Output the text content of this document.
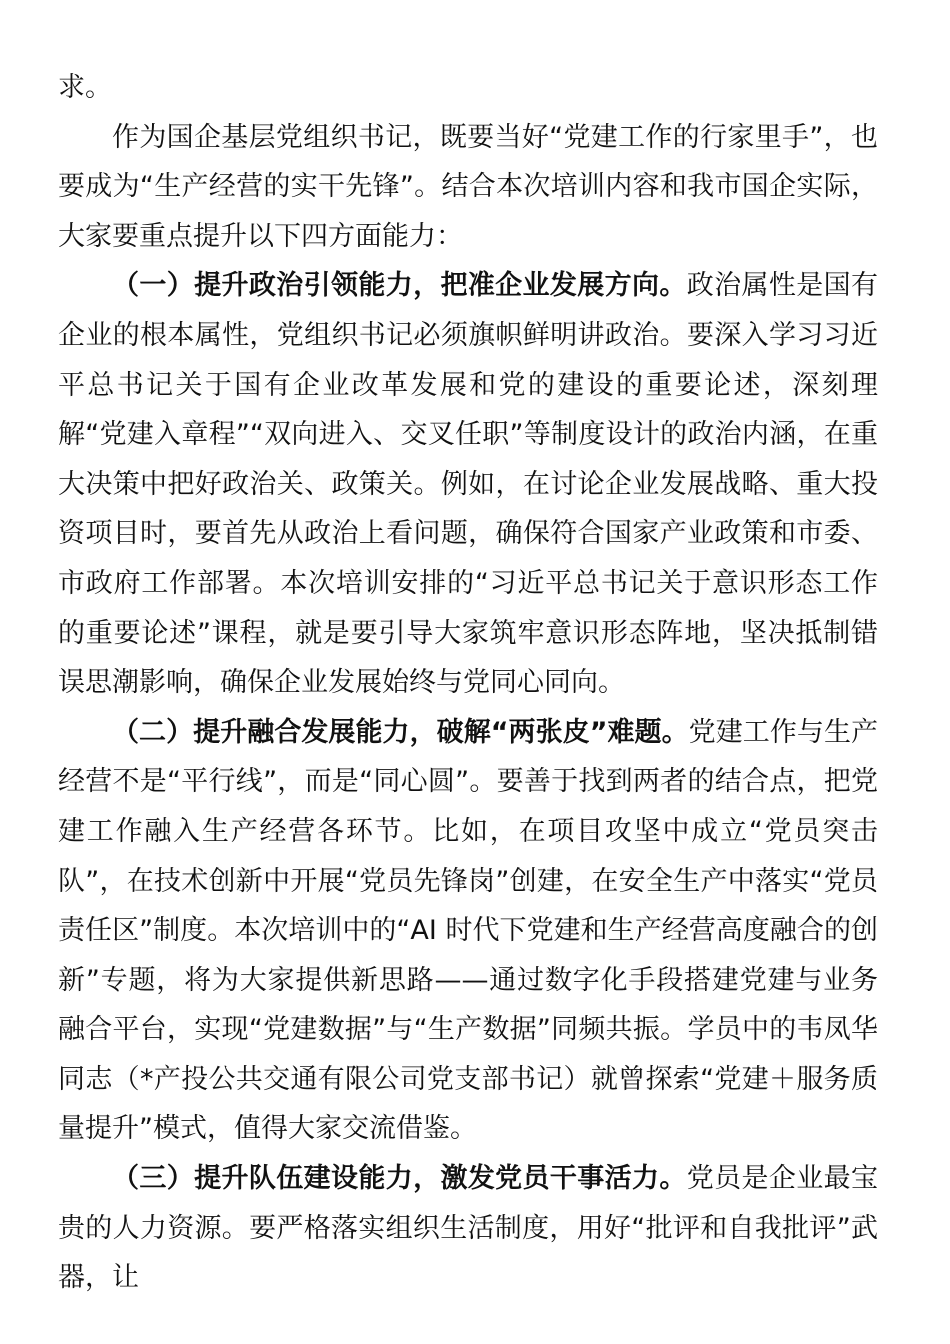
求。

作为国企基层党组织书记，既要当好“党建工作的行家里手”，也要成为“生产经营的实干先锋”。结合本次培训内容和我市国企实际，大家要重点提升以下四方面能力：

（一）提升政治引领能力，把准企业发展方向。政治属性是国有企业的根本属性，党组织书记必须旗帜鲜明讲政治。要深入学习习近平总书记关于国有企业改革发展和党的建设的重要论述，深刻理解“党建入章程”“双向进入、交叉任职”等制度设计的政治内涵，在重大决策中把好政治关、政策关。例如，在讨论企业发展战略、重大投资项目时，要首先从政治上看问题，确保符合国家产业政策和市委、市政府工作部署。本次培训安排的“习近平总书记关于意识形态工作的重要论述”课程，就是要引导大家筑牢意识形态阵地，坚决抵制错误思潮影响，确保企业发展始终与党同心同向。

（二）提升融合发展能力，破解“两张皮”难题。党建工作与生产经营不是“平行线”，而是“同心圆”。要善于找到两者的结合点，把党建工作融入生产经营各环节。比如，在项目攻坚中成立“党员突击队”，在技术创新中开展“党员先锋岗”创建，在安全生产中落实“党员责任区”制度。本次培训中的“AI 时代下党建和生产经营高度融合的创新”专题，将为大家提供新思路——通过数字化手段搭建党建与业务融合平台，实现“党建数据”与“生产数据”同频共振。学员中的韦凤华同志（*产投公共交通有限公司党支部书记）就曾探索“党建＋服务质量提升”模式，值得大家交流借鉴。

（三）提升队伍建设能力，激发党员干事活力。党员是企业最宝贵的人力资源。要严格落实组织生活制度，用好“批评和自我批评”武器，让
